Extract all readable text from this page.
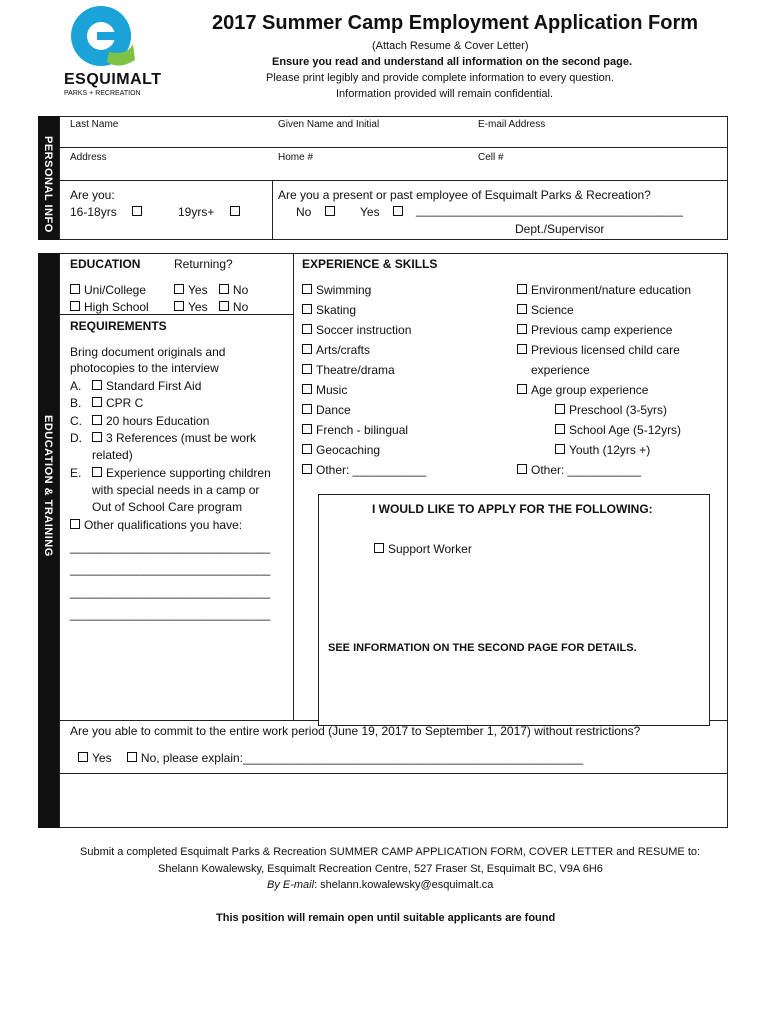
ESQUIMALT
PARKS + RECREATION
2017 Summer Camp Employment Application Form
(Attach Resume & Cover Letter)
Ensure you read and understand all information on the second page.
Please print legibly and provide complete information to every question.
Information provided will remain confidential.
PERSONAL INFO
Last Name	Given Name and Initial	E-mail Address
Address	Home #	Cell #
Are you:
16-18yrs	19yrs+
Are you a present or past employee of Esquimalt Parks & Recreation?
No	Yes	________________________________________
Dept./Supervisor
EDUCATION & TRAINING
EDUCATION	Returning?
Uni/College	Yes No
High School	Yes No
REQUIREMENTS
Bring document originals and
photocopies to the interview
A. Standard First Aid
B. CPR C
C. 20 hours Education
D. 3 References (must be work
related)
E. Experience supporting children
with special needs in a camp or
Out of School Care program
Other qualifications you have:
______________________________
______________________________
______________________________
______________________________
EXPERIENCE & SKILLS
Swimming
Skating
Soccer instruction
Arts/crafts
Theatre/drama
Music
Dance
French - bilingual
Geocaching
Other: ___________
Environment/nature education
Science
Previous camp experience
Previous licensed child care
experience
Age group experience
Preschool (3-5yrs)
School Age (5-12yrs)
Youth (12yrs +)
Other: ___________
I WOULD LIKE TO APPLY FOR THE FOLLOWING:
Support Worker
SEE INFORMATION ON THE SECOND PAGE FOR DETAILS.
Are you able to commit to the entire work period (June 19, 2017 to September 1, 2017) without restrictions?
Yes No, please explain:___________________________________________________
Submit a completed Esquimalt Parks & Recreation SUMMER CAMP APPLICATION FORM, COVER LETTER and RESUME to:
Shelann Kowalewsky, Esquimalt Recreation Centre, 527 Fraser St, Esquimalt BC, V9A 6H6
By E-mail: shelann.kowalewsky@esquimalt.ca
This position will remain open until suitable applicants are found
